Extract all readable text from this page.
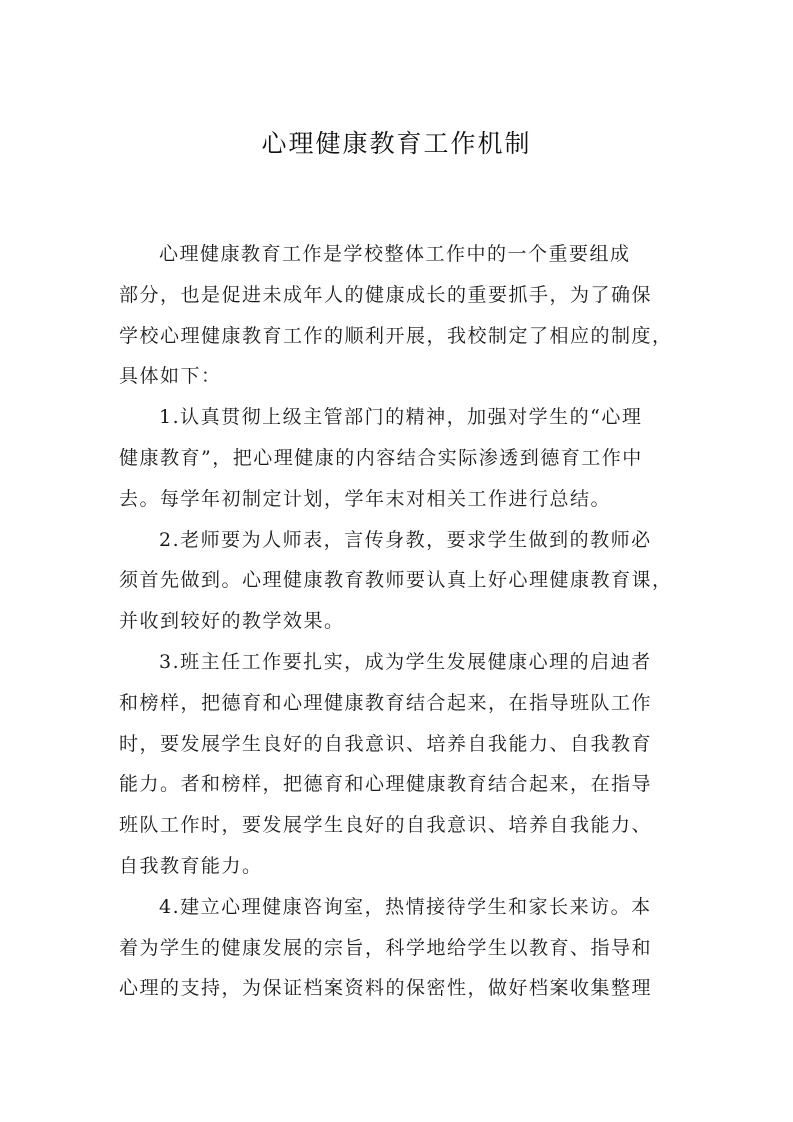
心理健康教育工作机制
心理健康教育工作是学校整体工作中的一个重要组成
部分，也是促进未成年人的健康成长的重要抓手，为了确保
学校心理健康教育工作的顺利开展，我校制定了相应的制度，
具体如下：
1.认真贯彻上级主管部门的精神，加强对学生的“心理
健康教育”，把心理健康的内容结合实际渗透到德育工作中
去。每学年初制定计划，学年末对相关工作进行总结。
2.老师要为人师表，言传身教，要求学生做到的教师必
须首先做到。心理健康教育教师要认真上好心理健康教育课，
并收到较好的教学效果。
3.班主任工作要扎实，成为学生发展健康心理的启迪者
和榜样，把德育和心理健康教育结合起来，在指导班队工作
时，要发展学生良好的自我意识、培养自我能力、自我教育
能力。者和榜样，把德育和心理健康教育结合起来，在指导
班队工作时，要发展学生良好的自我意识、培养自我能力、
自我教育能力。
4.建立心理健康咨询室，热情接待学生和家长来访。本
着为学生的健康发展的宗旨，科学地给学生以教育、指导和
心理的支持，为保证档案资料的保密性，做好档案收集整理
